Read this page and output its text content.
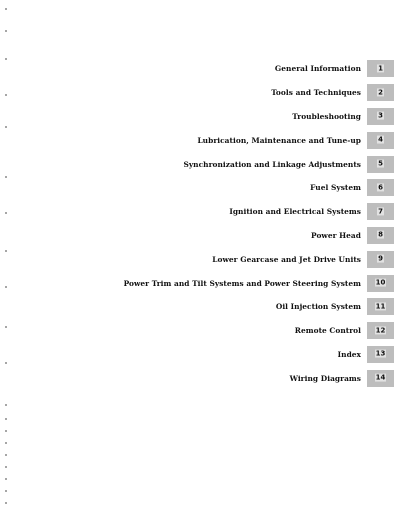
General Information	1
Tools and Techniques	2
Troubleshooting	3
Lubrication, Maintenance and Tune-up	4
Synchronization and Linkage Adjustments	5
Fuel System	6
Ignition and Electrical Systems	7
Power Head	8
Lower Gearcase and Jet Drive Units	9
Power Trim and Tilt Systems and Power Steering System	10
Oil Injection System	11
Remote Control	12
Index	13
Wiring Diagrams	14
